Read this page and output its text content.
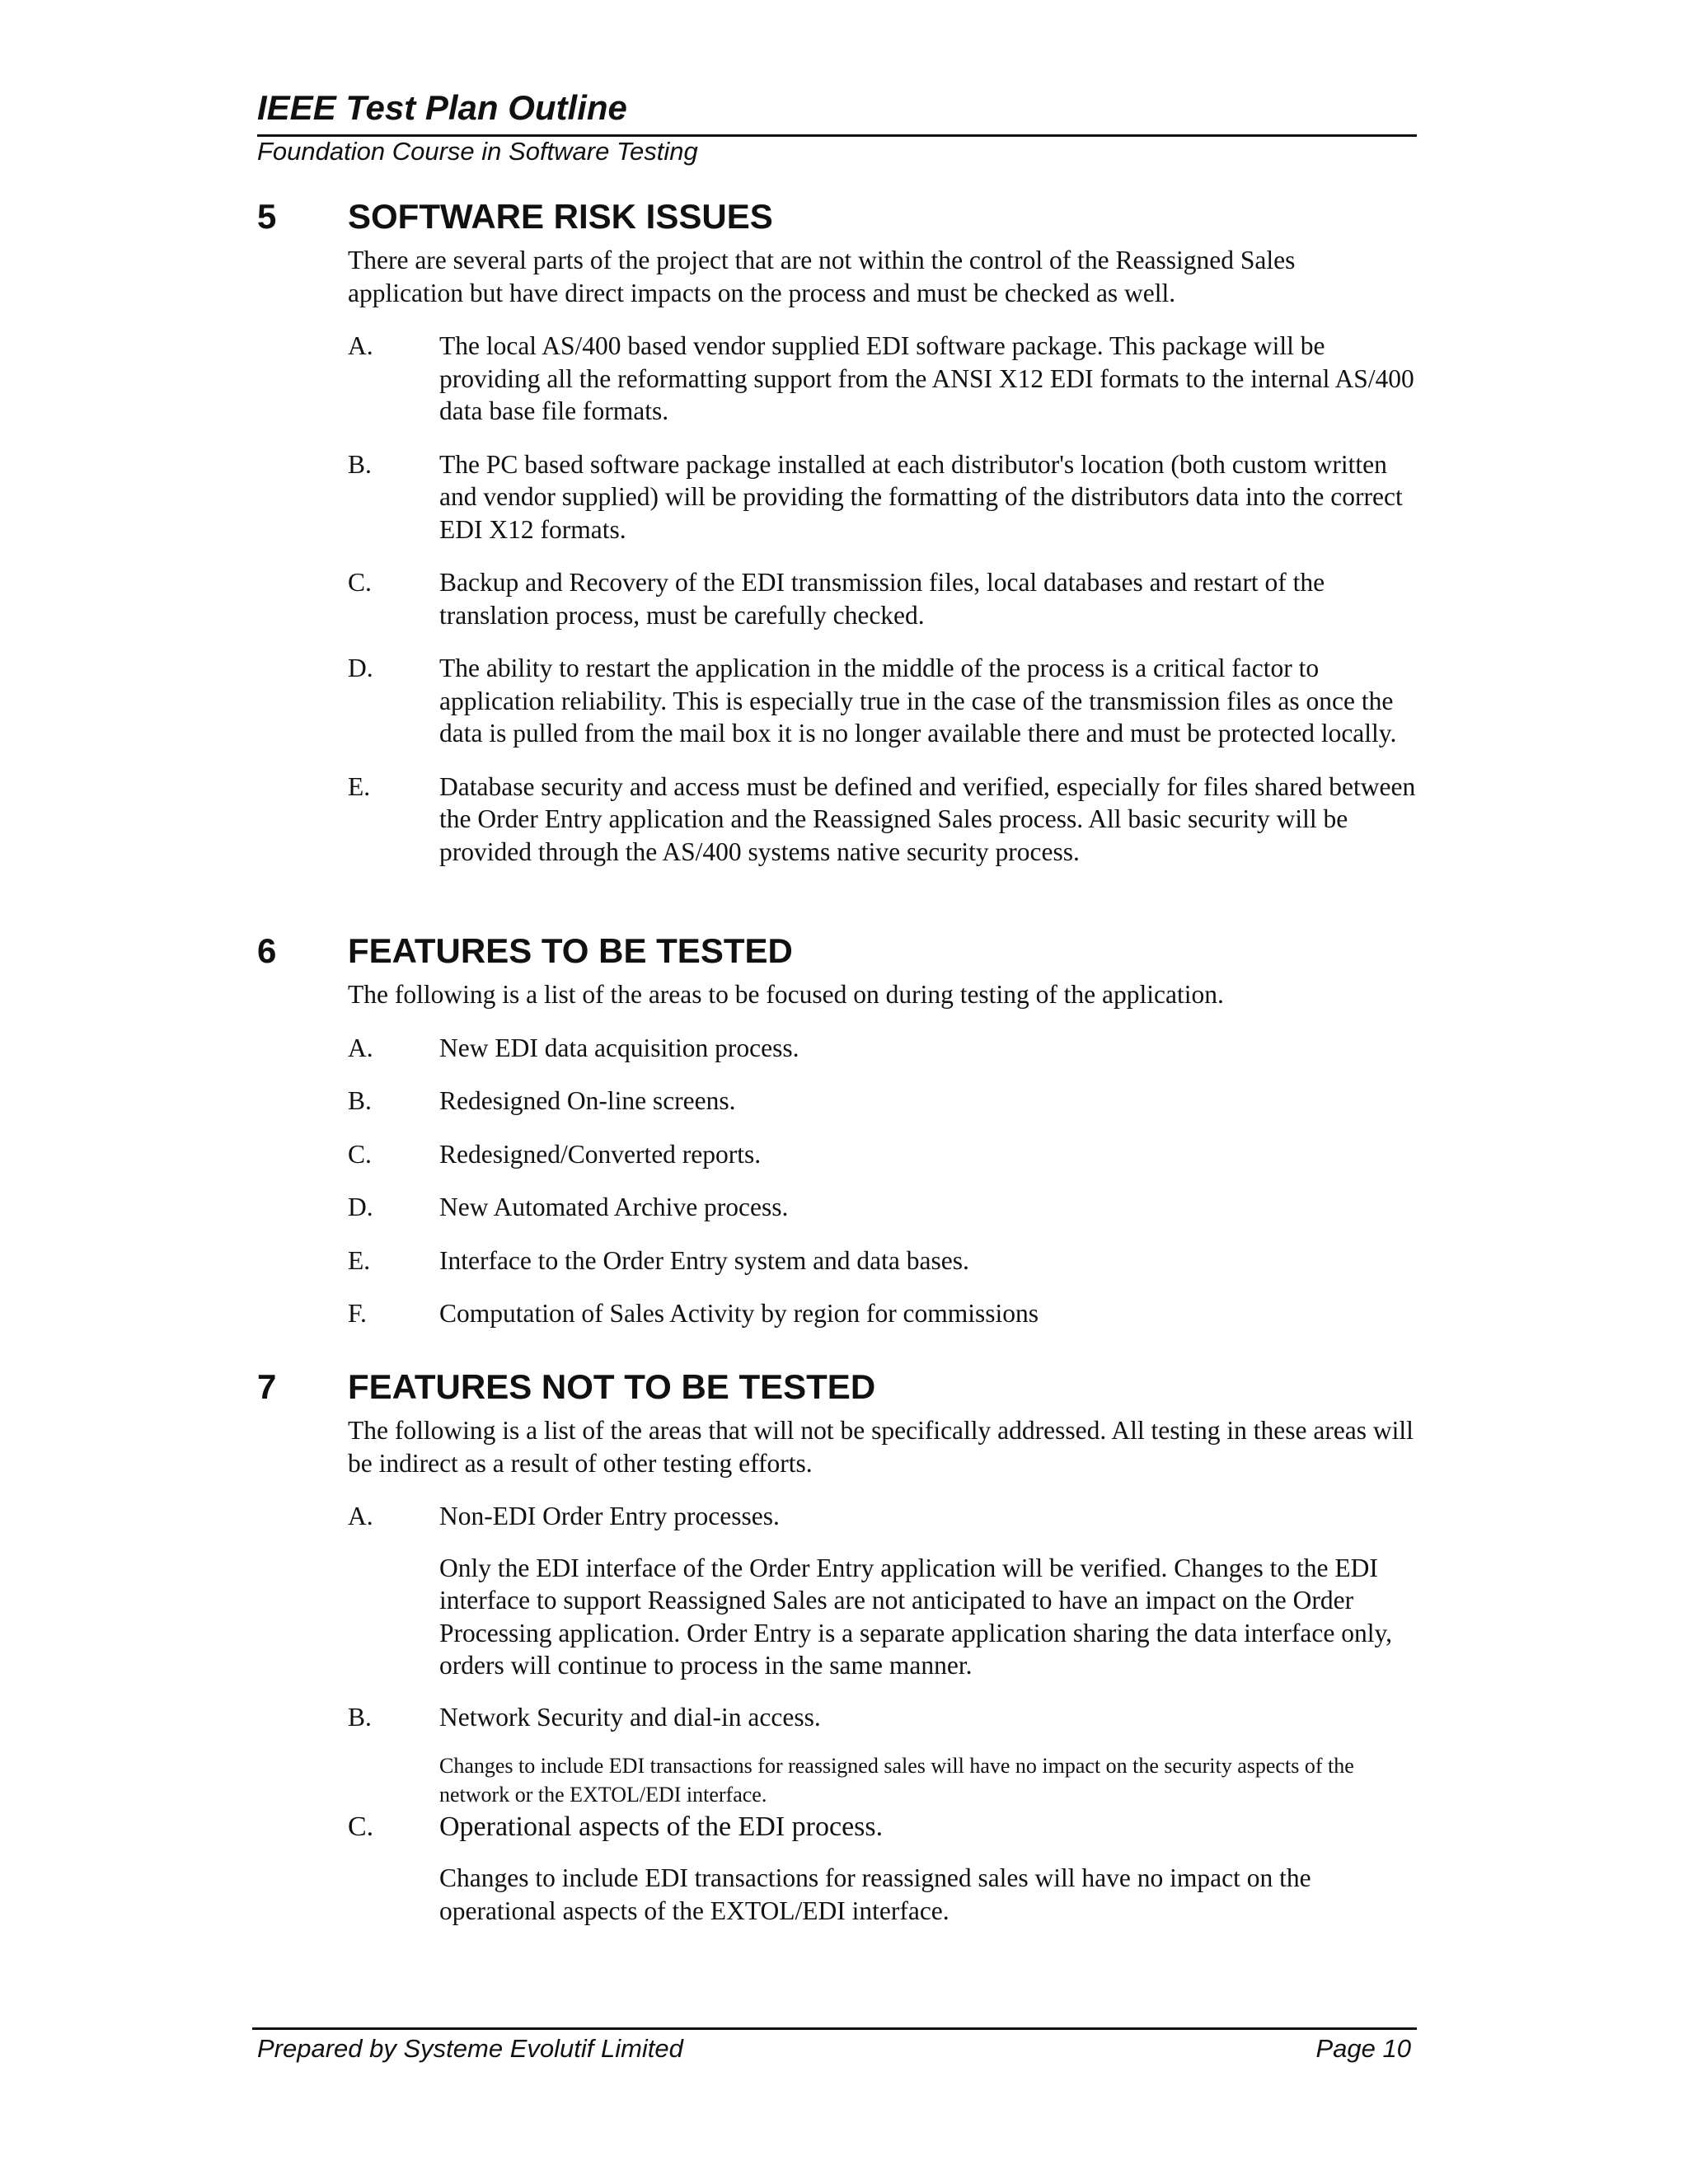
IEEE Test Plan Outline
Foundation Course in Software Testing
5	SOFTWARE RISK ISSUES
There are several parts of the project that are not within the control of the Reassigned Sales application but have direct impacts on the process and must be checked as well.
A.	The local AS/400 based vendor supplied EDI software package. This package will be providing all the reformatting support from the ANSI X12 EDI formats to the internal AS/400 data base file formats.
B.	The PC based software package installed at each distributor's location (both custom written and vendor supplied) will be providing the formatting of the distributors data into the correct EDI X12 formats.
C.	Backup and Recovery of the EDI transmission files, local databases and restart of the translation process, must be carefully checked.
D.	The ability to restart the application in the middle of the process is a critical factor to application reliability. This is especially true in the case of the transmission files as once the data is pulled from the mail box it is no longer available there and must be protected locally.
E.	Database security and access must be defined and verified, especially for files shared between the Order Entry application and the Reassigned Sales process. All basic security will be provided through the AS/400 systems native security process.
6	FEATURES TO BE TESTED
The following is a list of the areas to be focused on during testing of the application.
A.	New EDI data acquisition process.
B.	Redesigned On-line screens.
C.	Redesigned/Converted reports.
D.	New Automated Archive process.
E.	Interface to the Order Entry system and data bases.
F.	Computation of Sales Activity by region for commissions
7	FEATURES NOT TO BE TESTED
The following is a list of the areas that will not be specifically addressed. All testing in these areas will be indirect as a result of other testing efforts.
A.	Non-EDI Order Entry processes.
Only the EDI interface of the Order Entry application will be verified. Changes to the EDI interface to support Reassigned Sales are not anticipated to have an impact on the Order Processing application. Order Entry is a separate application sharing the data interface only, orders will continue to process in the same manner.
B.	Network Security and dial-in access.
Changes to include EDI transactions for reassigned sales will have no impact on the security aspects of the network or the EXTOL/EDI interface.
C.	Operational aspects of the EDI process.
Changes to include EDI transactions for reassigned sales will have no impact on the operational aspects of the EXTOL/EDI interface.
Prepared by Systeme Evolutif Limited	Page 10
